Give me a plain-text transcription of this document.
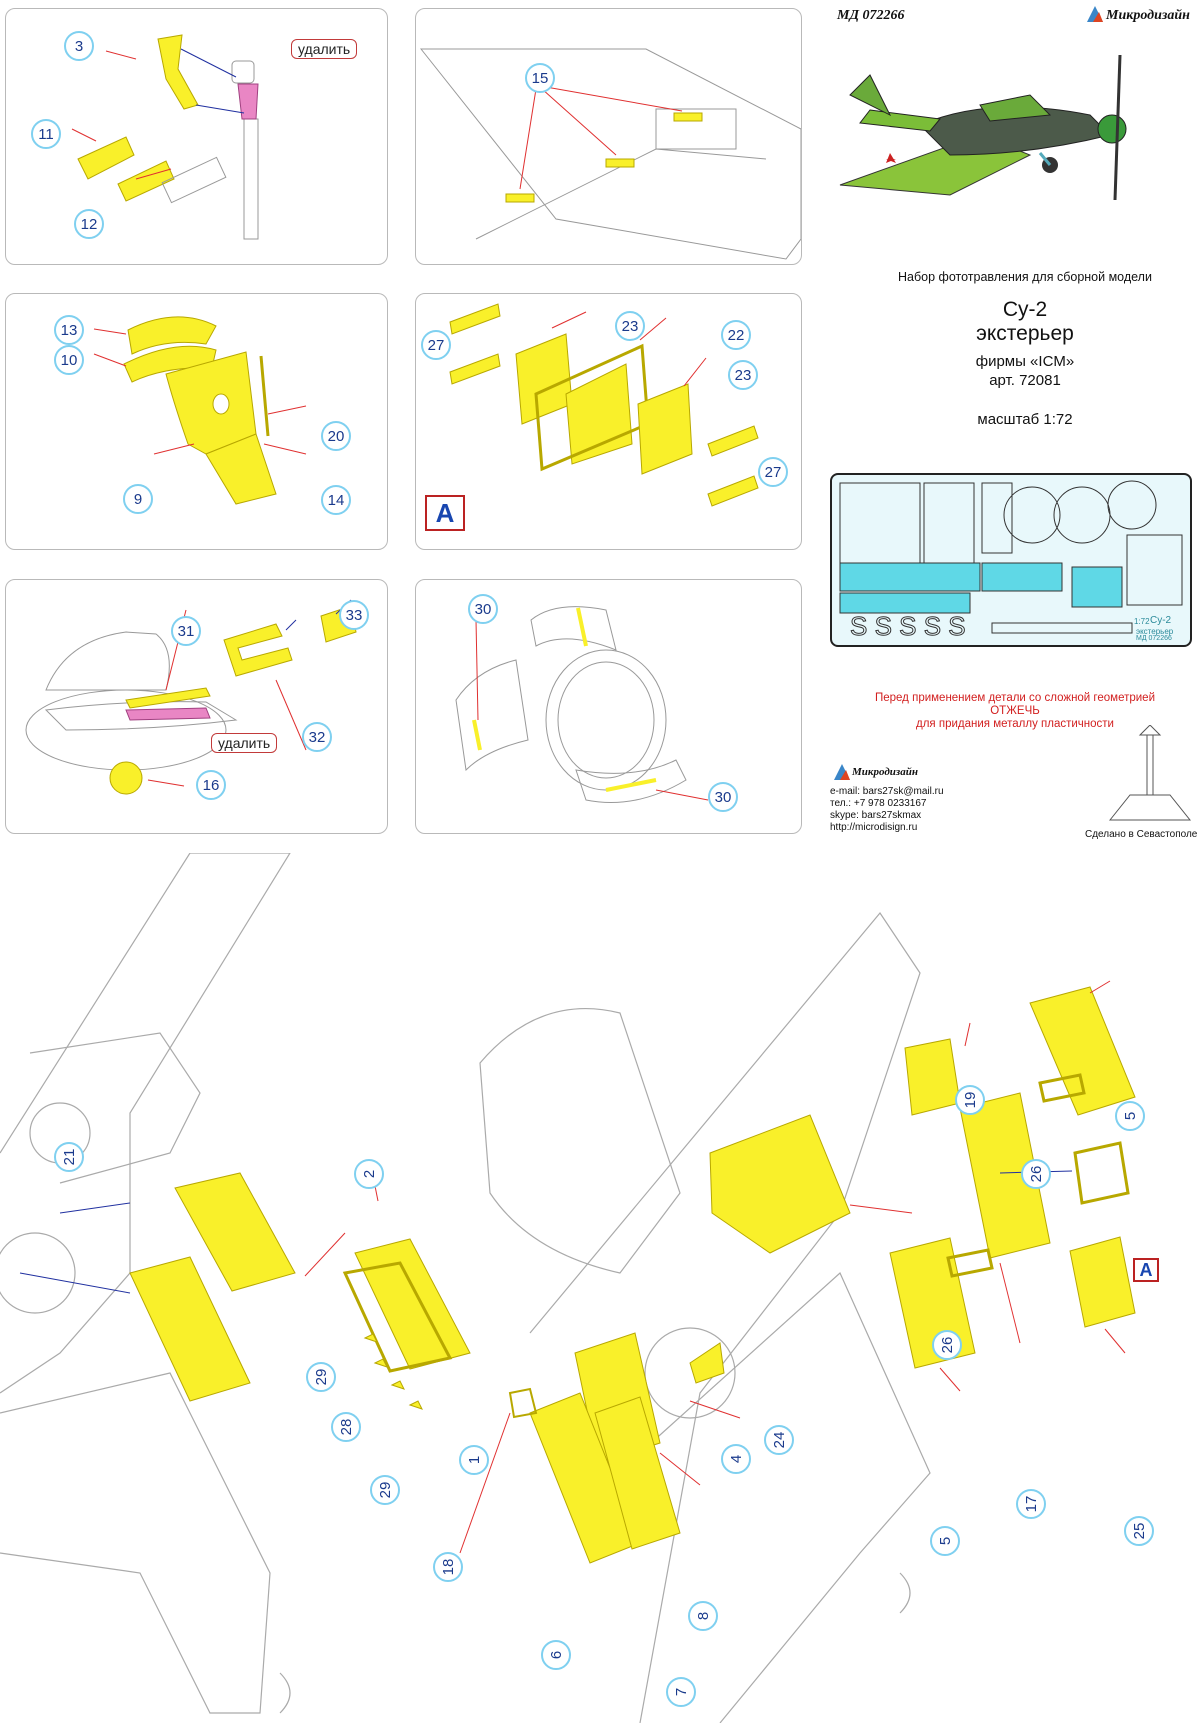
3
11
12
удалить
15
13
10
9
20
14
27
23
22
23
27
A
31
33
32
16
удалить
30
30
МД 072266	Микродизайн
Набор фототравления для сборной модели
Су-2
экстерьер
фирмы «ICM»
арт. 72081
масштаб 1:72
S S S S S	1:72 Су-2
экстерьер
МД 072266
Перед применением детали со сложной геометрией
ОТЖЕЧЬ
для придания металлу пластичности
Микродизайн
e-mail: bars27sk@mail.ru
тел.: +7 978 0233167
skype: bars27skmax
http://microdisign.ru
Сделано в Севастополе
21
2
29
28
29
1
19
5
26
A
26
17
5
25
4
24
18
8
6
7
